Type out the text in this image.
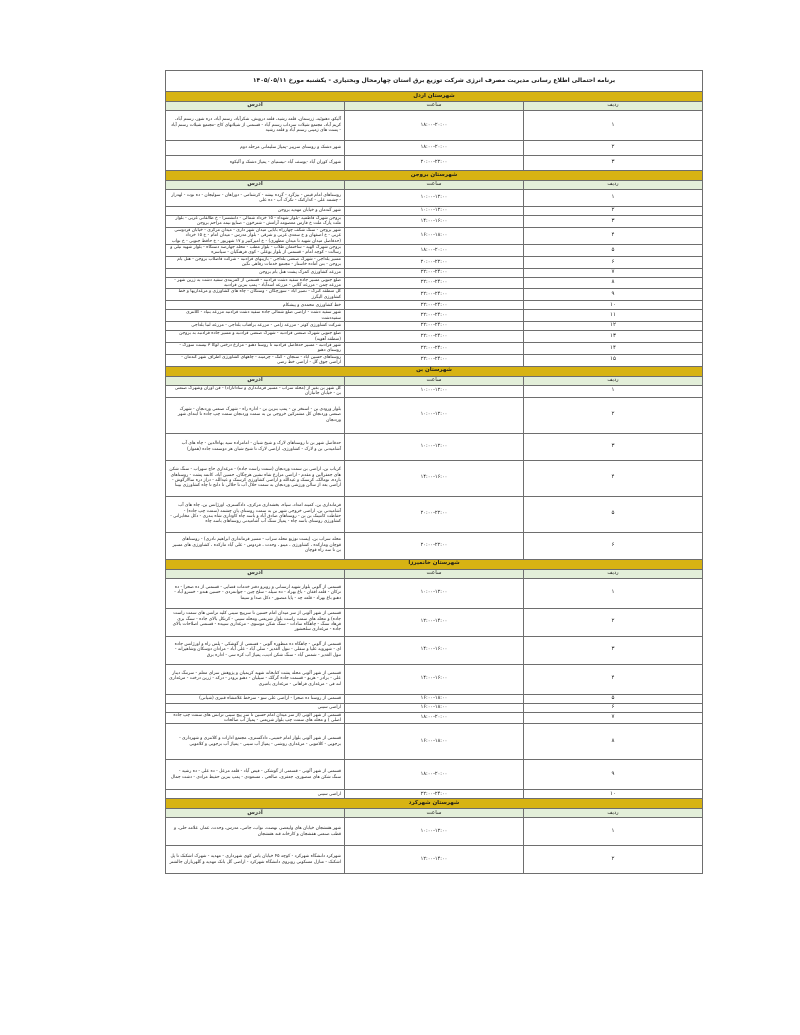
برنامه احتمالی اطلاع رسانی مدیریت مصرف انرژی شرکت توزیع برق استان چهارمحال وبختیاری - یکشنبه مورخ ۱۴۰۵/۰۵/۱۱		
شهرستان اردل		
ردیف	ساعت	آدرس
۱	۱۸:۰۰-۲۰:۰۰	آلیکو، دهنوئیه، زرسمان، قلعه رشید، قلعه درویش، شکرآباد، رستم آباد، دره شور، رستم آباد، کریم آباد، مجتمع شیلات سرداب رستم آباد - قسمتی از شیلاتهای کاج -مجتمع شیلات رستم آباد - پست های زمینی رستم آباد و قلعه رشید
۲	۱۸:۰۰-۲۰:۰۰	شهر دشتک و روستای سرپیر -پمپاژ سلیمانی مرحله دوم
۳	۲۰:۰۰-۲۲:۰۰	شهرک کوران آباد -یوسف آباد -نیستیای - پمپاژ دشتک و آلیکوه
شهرستان بروجن		
ردیف	ساعت	آدرس
۱	۱۰:۰۰-۱۲:۰۰	روستاهای امام قیس - بیژگرد - گرده بیشه - کرشتامی - دوراهان - سولیجان - ده نوت - لهدرار - چشمه علی - کدارکنک - تکرک آب - ده علی
۲	۱۰:۰۰-۱۲:۰۰	شهر گندمان و خیابان مهدیه بروجن
۳	۱۴:۰۰-۱۶:۰۰	بروجن شهرک فاطمیه -بلوار شهداء - ۱۵ خرداد شمالی - دانشسرا - خ طالقانی غربی - بلوار ملت پارک ملت خ فارس معصومه آرامش - شترخون - صنایع نیمه مزاحم بروجن
۴	۱۶:۰۰-۱۸:۰۰	شهر بروجن - سنگ شکف چهارراه بابایی میدان شهر داری - میدان مرکزی - خیابان فردوسی غربی - خ اصفهان و خ سعدی غربی و شرقی - بلوار مدرس - میدان امام - خ ۱۵ خرداد (حدفاصل میدان شهید تا میدان مطهری) - خ امیرکبیر و ۱۷ شهریور - خ حافظ جنوبی - خ نواب
۵	۱۸:۰۰-۲۰:۰۰	بروجن شهرک الهیه - ساختمان طلاب - بلوار مطب - محله جهارصد دستگاه - بلوار شهید نیلی و رسالت - کوچه امام - قسمتی از بلوار بوعلی - کوی فرهنگیان - سیاسره
۶	۲۰:۰۰-۲۲:۰۰	مسیر بلداجی - شهرک صنعتی بلداجی - بازیبهای فرادنبه - شرکت فاضلاب بروجن - هتل بام بروجن - بتن آماده خاستار - مجتمع خدمات رفاهی نگین
۷	۲۲:۰۰-۲۴:۰۰	مزرعه کشاورزی کمرک پشت هتل بام بروجن
۸	۲۲:۰۰-۲۴:۰۰	ضلع جنوبی مسیر جاده سفید دشت فرادنبه - قسمتی از کمربندی سفید دشت به زرین شهر - مزرعه چمن - مزرعه گلابی - مزرعه اسدآباد - پمپ بنزین فرادنبه
۹	۲۲:۰۰-۲۴:۰۰	کل منطقه کنرک - نصیر آباد - سورچگان - وستگان - چاه های کشاورزی و مرغداریها و خط کشاورزی الیگرز
۱۰	۲۲:۰۰-۲۴:۰۰	خط کشاورزی محمدی و پیشکام
۱۱	۲۲:۰۰-۲۴:۰۰	شهر سفید دشت - اراضی ضلع شمالی جاده سفید دشت فرادنبه مزرعه بنیاد - کلانتری سفیددشت
۱۲	۲۲:۰۰-۲۴:۰۰	شرکت کشاورزی کوثر - مزرعه زامی - مزرعه برافتاب بلداجی - مزرعه لنبا بلداجی
۱۳	۲۲:۰۰-۲۴:۰۰	ضلع جنوبی شهرک صنعتی فرادنبه - شهرک صنعتی فرادنبه و مسیر جاده فرادنبه به بروجن (منطقه آهویه)
۱۴	۲۲:۰۰-۲۴:۰۰	شهر فرادنبه - مسیر حدفاصل فرادنبه تا روستا دهنو - مزارع درختی لوکا ۳ بیست سورک - روستای دهنو
۱۵	۲۲:۰۰-۲۴:۰۰	روستاهای حسین آباد - سنجان - کنک - چرمینه - چاههای کشاورزی اطراف شهر گندمان - اراضی جوق گل - اراضی خط رضی
شهرستان بن		
ردیف	ساعت	آدرس
۱	۱۰:۰۰-۱۲:۰۰	کل شهر بن بغیر از (محله سراب - مسیر فرمانداری و ساداتاراد) - فن آوران وشهرک صنعتی بن - خیابان جانبازان
۲	۱۰:۰۰-۱۲:۰۰	بلوار ورودی بن - استخر بن - پمپ بنزین بن - اداره راه - شهرک صنعتی وردنجان - شهرک صنعتی وردنجان کل مشترکین خروجی بن به سمت وردنجان سمت چپ جاده تا ابتدای شهر وردنجان
۳	۱۰:۰۰-۱۲:۰۰	حدفاصل شهر بن تا روستاهای لارک و شیخ شبان - امامزاده سید بهاءالدین - چاه های آب آشامیدنی بن و لارک - کشاورزی، اراضی لارک تا شیخ شبان هر دوسمت جاده (هموار)
۴	۱۴:۰۰-۱۶:۰۰	کرباب بن، اراضی بن سمت وردنجان (سمت راست جاده) - مرغداری حاج سهراب - سنگ شکن های جعفرالین و مقدم - اراضی مزارع شاه نشین هرچگان، حسین آباد، کانمه پشت - روستاهای بارده، نومالک، کرسنک و عیدالله و اراضی کشاورزی کرسنک و عیدالله - دراز دره سالارگوش - اراضی بعد از سالن ورزشی وردنجان به سمت حلال آب تا حلالی تا دانچ تا چاه کشاورزی بیبنا
۵	۲۰:۰۰-۲۲:۰۰	فرمانداری بن، کمیته امداد، سپاه، بخشداری مرکزی، دادگستری، اورژانس بن، چاه های آب آشامیدنی بن، اراضی خروجی شهر بن به سمت روستای یان چشمه (سمت چپ جاده) - حفاظت کانتینک بن بن - روستاهای صادق آباد و باسه چاه کاوداری شاه بندری - دکل مخابراتی - کشاورزی روستای باسه چاه - پمپاژ سنگ آب آشامیدنی روستاهای باسه چاه
۶	۲۰:۰۰-۲۲:۰۰	محله سراب بن، (پست توزیع محله سراب - مسیر فرمانداری ابراهیم نادری) - روستاهای قوچان ومارکده ، کشاورزی ، مینو ، وحدت ، فردوس - علی آباد مارکده ، کشاورزی های مسیر بن تا سه راه قوچان
شهرستان خانمیرزا		
ردیف	ساعت	آدرس
۱	۱۰:۰۰-۱۲:۰۰	قسمتی از آلونی بلوار شهید ارسنانی و روبرو دفتر خدمات قضایی - قسمتی از ده صحرا - ده ترکان - قلعه افغان - باغ بهراد - ده سیله - سلخ چین - جوانمردی - حسین هندو - خسرو آباد - دهنو باغ بهراد - قلعه چه - پایا منصور - دکل صدا و سیما
۲	۱۲:۰۰-۱۴:۰۰	قسمتی از شهر آلونی از سر میدان امام حسین تا سرپیچ سینی کلیه ترانس های سمت راست جاده) و محله های سمت راست بلوار شریعتی ومحله سینی - کرتکل بالای جاده - سنگ بری فرهاد سنگ - چاهگاه سادات - سنگ شکن موسوی - مرغداری سپیده - قسمتی اصلاحات بالای جاده - مرغداری سلحشور
۳	۱۴:۰۰-۱۶:۰۰	قسمتی از آلونی - چاهگاه ده منظوره آلونی - قسمتی از گوشکی - پلس راه و اورژانس جاده ای - شهرویه علیا و سفلی - تنول الغدیر - سلی آباد - علی آباد - مرادان دوسکان وشاهیرانه - تنول الغدیر - شمس آباد - سنگ شکن ادیب، پمپاژ آب کره سی - اداره برق
۴	۱۴:۰۰-۱۶:۰۰	قسمتی از شهر آلونی محله پشت کتابخانه شهید کریمیان و پژوهش سرای معلم - سرتنگ دینار علی - برادر - هرنو - قسمت جاده گرگک - سیلیان - دهنو برودر - درکه - زرین درخت - مرغداری لنه فی - مرغداری فراهانی - مرغداری بامبری
۵	۱۶:۰۰-۱۸:۰۰	قسمتی از روستا ده صحرا - اراضی علی سو - سرخط غلامشاه قنبری (شیانی)
۶	۱۶:۰۰-۱۸:۰۰	اراضی سینی
۷	۱۸:۰۰-۲۰:۰۰	قسمتی از شهر آلونی (از سر میدان امام حسین تا سر پیچ سینی ترانس های سمت چپ جاده اصلی ) و محله های سمت چپ بلوار شریعتی - پمپاژ آب صالحات
۸	۱۶:۰۰-۱۸:۰۰	قسمتی از شهر آلونی بلوار امام خمینی، دادگستری، مجتمع ادارات و کلانتری و شهرداری - برجویی - کلاموبی - مرغداری روشنی - پمپاژ آب سینی - پمپاژ آب برجویی و کلاموبی
۹	۱۸:۰۰-۲۰:۰۰	قسمتی از شهر آلونی - قسمتی از گوشکی - فیض آباد - قلعه مزعل - ده علی - ده رشید - سنگ شکن های منصوری، جعفری، صالحی ، مسعودی - پمپ بنزین حفیظ مرادی - دشت جمال
۱۰	۲۲:۰۰-۲۴:۰۰	اراضی سینی
شهرستان شهرکرد		
ردیف	ساعت	آدرس
۱	۱۰:۰۰-۱۲:۰۰	شهر هفشجان خیابان های ولیعصر، نهضت، نواب، جامی، مدرس، وحدت، عمار، علامه حلی، و قطب صنعتی هفشجان و کارخانه قند هفشجان
۲	۱۲:۰۰-۱۴:۰۰	شهرکرد دانشگاه شهرکرد - کوچه ۴۵ خیابان یاس کوی شهرداری - مهدیه - شهرک اشکنک تا پل اشکنک - منازل مسکونی روبروی دانشگاه شهرکرد - اراضی گل بانک مهدیه و گلهرباران جالشتر
